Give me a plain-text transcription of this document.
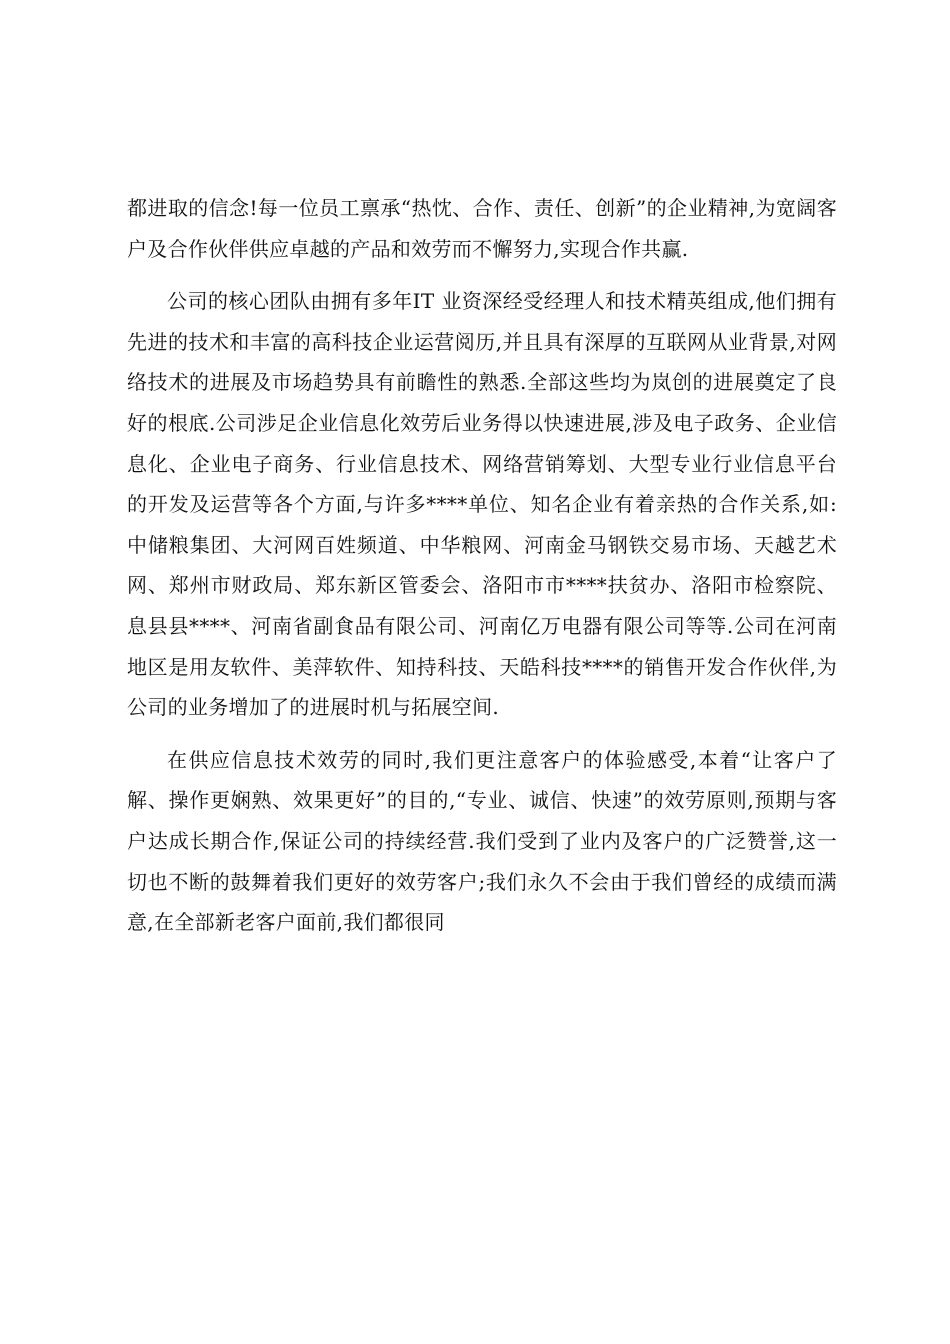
都进取的信念!每一位员工禀承“热忱、合作、责任、创新”的企业精神,为宽阔客户及合作伙伴供应卓越的产品和效劳而不懈努力,实现合作共赢.

公司的核心团队由拥有多年IT 业资深经受经理人和技术精英组成,他们拥有先进的技术和丰富的高科技企业运营阅历,并且具有深厚的互联网从业背景,对网络技术的进展及市场趋势具有前瞻性的熟悉.全部这些均为岚创的进展奠定了良好的根底.公司涉足企业信息化效劳后业务得以快速进展,涉及电子政务、企业信息化、企业电子商务、行业信息技术、网络营销筹划、大型专业行业信息平台的开发及运营等各个方面,与许多****单位、知名企业有着亲热的合作关系,如:中储粮集团、大河网百姓频道、中华粮网、河南金马钢铁交易市场、天越艺术网、郑州市财政局、郑东新区管委会、洛阳市市****扶贫办、洛阳市检察院、息县县****、河南省副食品有限公司、河南亿万电器有限公司等等.公司在河南地区是用友软件、美萍软件、知持科技、天皓科技****的销售开发合作伙伴,为公司的业务增加了的进展时机与拓展空间.

在供应信息技术效劳的同时,我们更注意客户的体验感受,本着“让客户了解、操作更娴熟、效果更好”的目的,“专业、诚信、快速”的效劳原则,预期与客户达成长期合作,保证公司的持续经营.我们受到了业内及客户的广泛赞誉,这一切也不断的鼓舞着我们更好的效劳客户;我们永久不会由于我们曾经的成绩而满意,在全部新老客户面前,我们都很同
